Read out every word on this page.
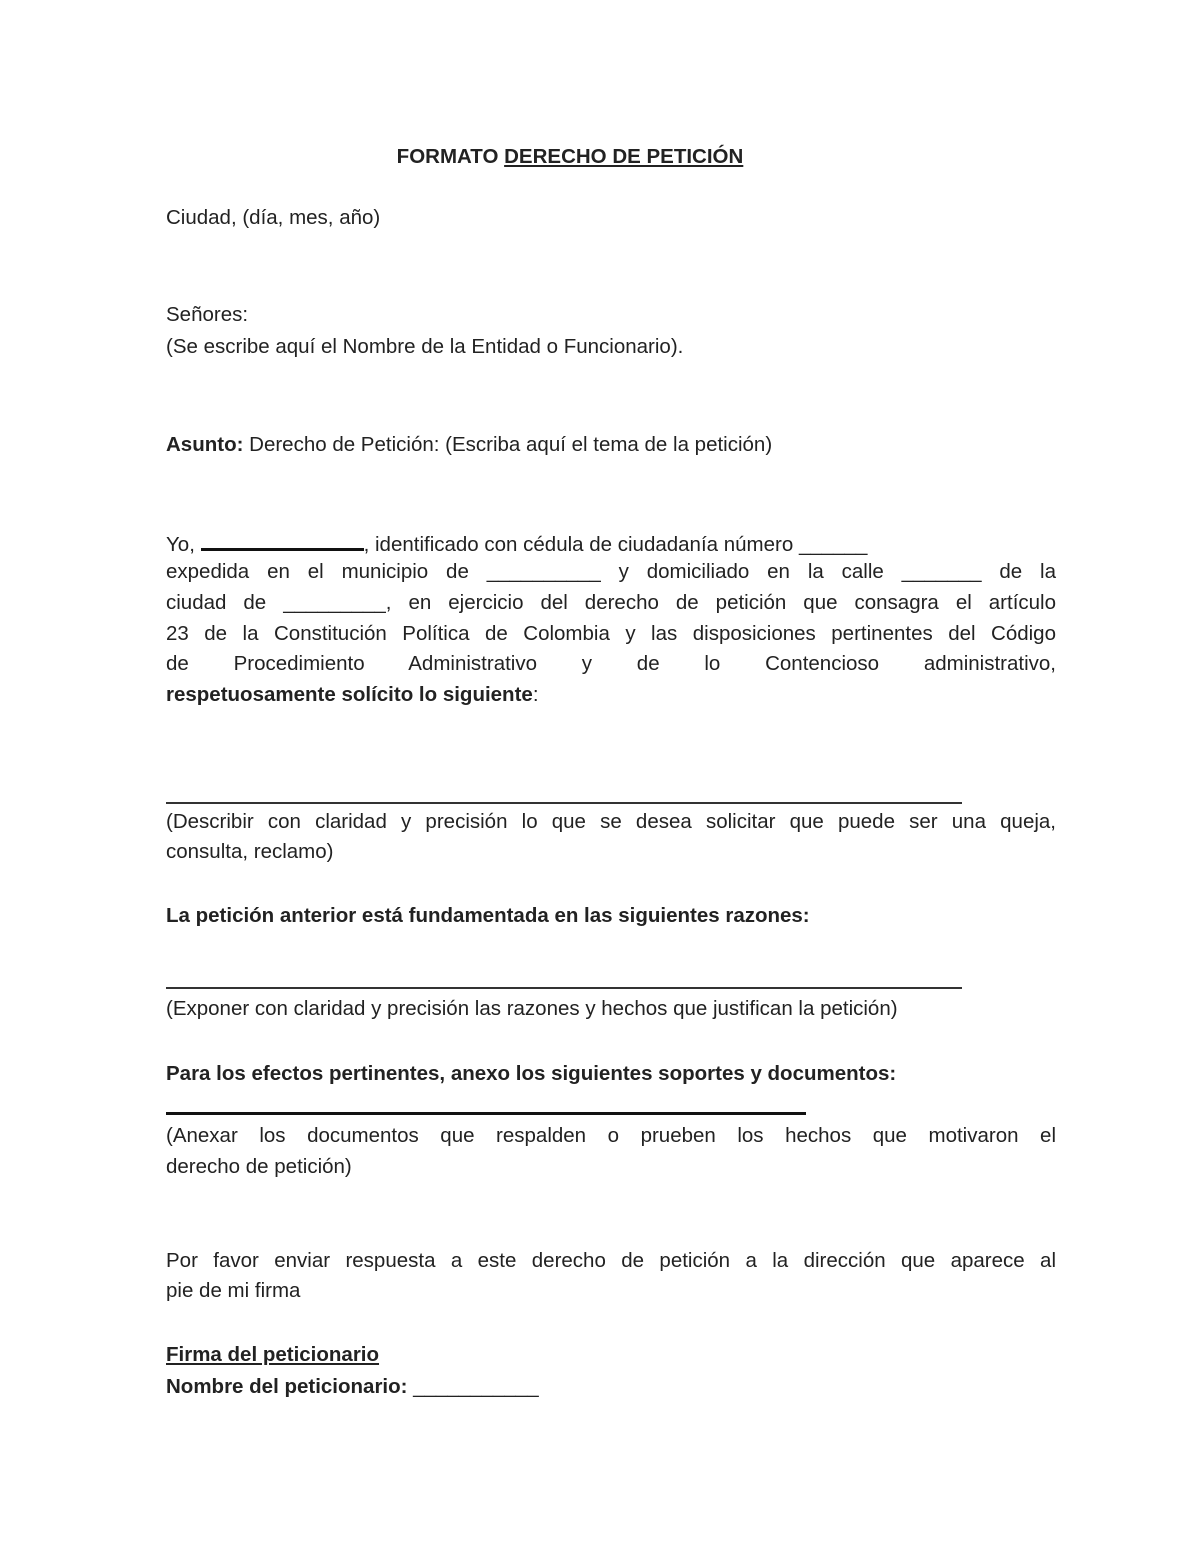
FORMATO DERECHO DE PETICIÓN
Ciudad, (día, mes, año)
Señores:
(Se escribe aquí el Nombre de la Entidad o Funcionario).
Asunto: Derecho de Petición: (Escriba aquí el tema de la petición)
Yo,	, identificado con cédula de ciudadanía número ______
expedida en el municipio de __________ y domiciliado en la calle _______ de la
ciudad de _________, en ejercicio del derecho de petición que consagra el artículo
23 de la Constitución Política de Colombia y las disposiciones pertinentes del Código
de Procedimiento Administrativo y de lo Contencioso administrativo,
respetuosamente solícito lo siguiente:
(Describir con claridad y precisión lo que se desea solicitar que puede ser una queja,
consulta, reclamo)
La petición anterior está fundamentada en las siguientes razones:
(Exponer con claridad y precisión las razones y hechos que justifican la petición)
Para los efectos pertinentes, anexo los siguientes soportes y documentos:
(Anexar los documentos que respalden o prueben los hechos que motivaron el
derecho de petición)
Por favor enviar respuesta a este derecho de petición a la dirección que aparece al
pie de mi firma
Firma del peticionario
Nombre del peticionario: ___________
